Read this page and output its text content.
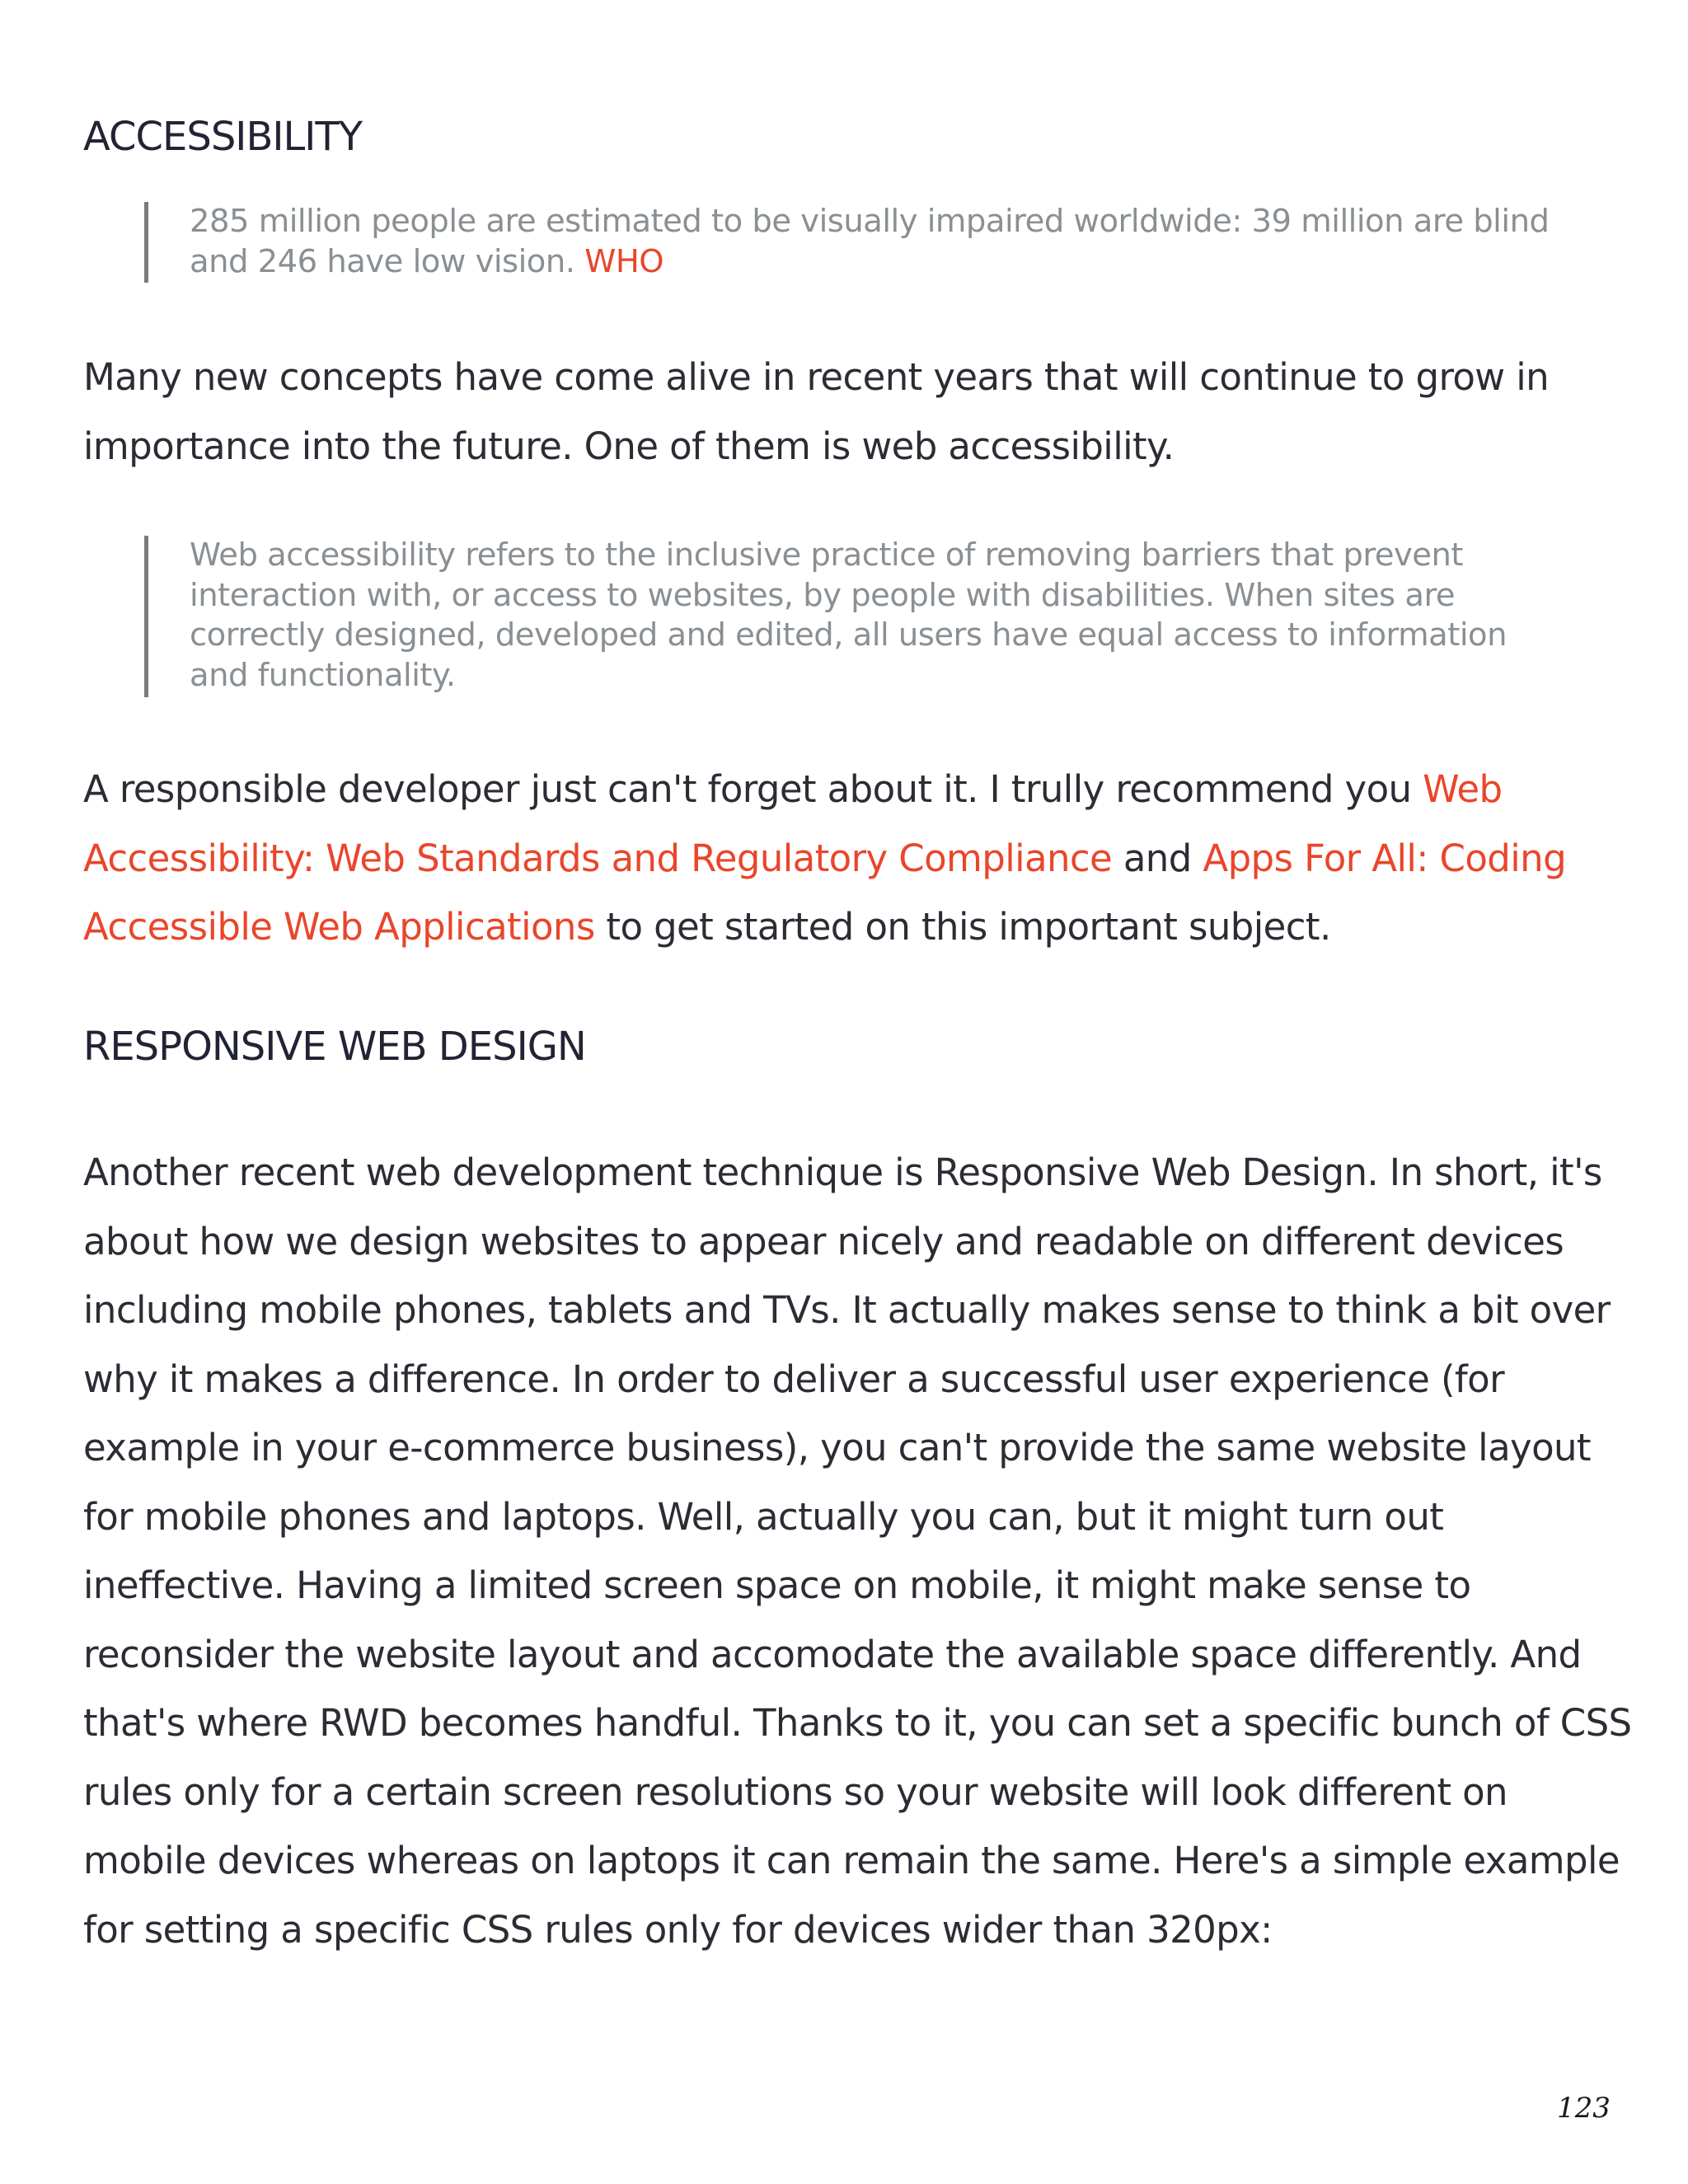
ACCESSIBILITY

285 million people are estimated to be visually impaired worldwide: 39 million are blind

and 246 have low vision. WHO

Many new concepts have come alive in recent years that will continue to grow in

importance into the future. One of them is web accessibility.

Web accessibility refers to the inclusive practice of removing barriers that prevent

interaction with, or access to websites, by people with disabilities. When sites are

correctly designed, developed and edited, all users have equal access to information

and functionality.

A responsible developer just can't forget about it. I trully recommend you Web

Accessibility: Web Standards and Regulatory Compliance and Apps For All: Coding

Accessible Web Applications to get started on this important subject.

RESPONSIVE WEB DESIGN

Another recent web development technique is Responsive Web Design. In short, it's

about how we design websites to appear nicely and readable on different devices

including mobile phones, tablets and TVs. It actually makes sense to think a bit over

why it makes a difference. In order to deliver a successful user experience (for

example in your e-commerce business), you can't provide the same website layout

for mobile phones and laptops. Well, actually you can, but it might turn out

ineffective. Having a limited screen space on mobile, it might make sense to

reconsider the website layout and accomodate the available space differently. And

that's where RWD becomes handful. Thanks to it, you can set a specific bunch of CSS

rules only for a certain screen resolutions so your website will look different on

mobile devices whereas on laptops it can remain the same. Here's a simple example

for setting a specific CSS rules only for devices wider than 320px:

123
